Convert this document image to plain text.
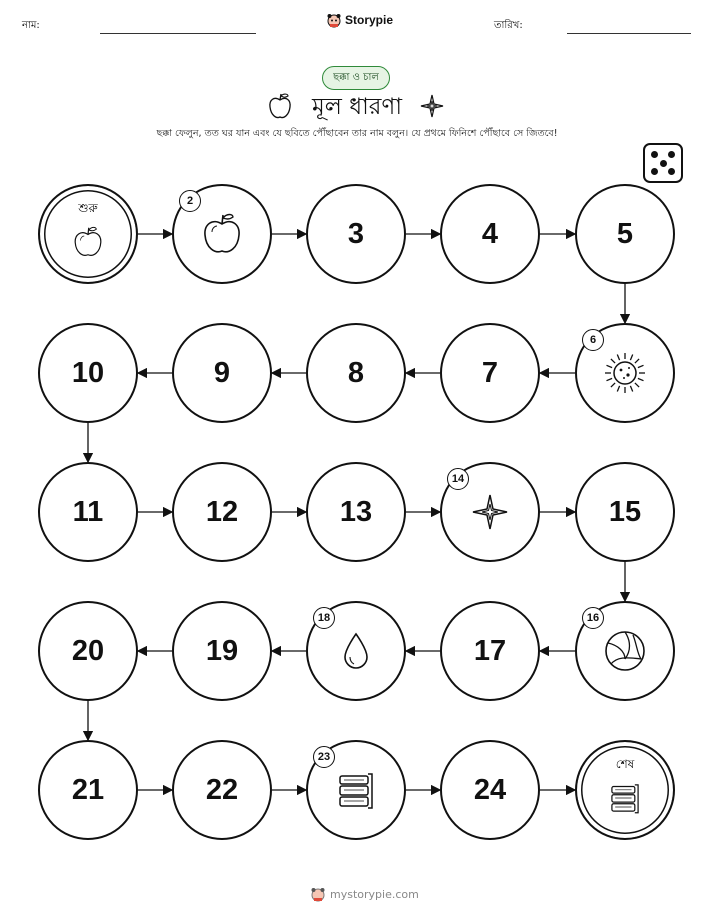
নাম:	Storypie	তারিখ:
ছক্কা ও চাল
মূল ধারণা
ছক্কা ফেলুন, তত ঘর যান এবং যে ছবিতে পৌঁছাবেন তার নাম বলুন। যে প্রথমে ফিনিশে পৌঁছাবে সে জিতবে!
শুরু	2
3	4	5
6
7
8
9
10
11	12	13
14
15
16
17
18
19
20
21	22
23
24
শেষ
mystorypie.com
